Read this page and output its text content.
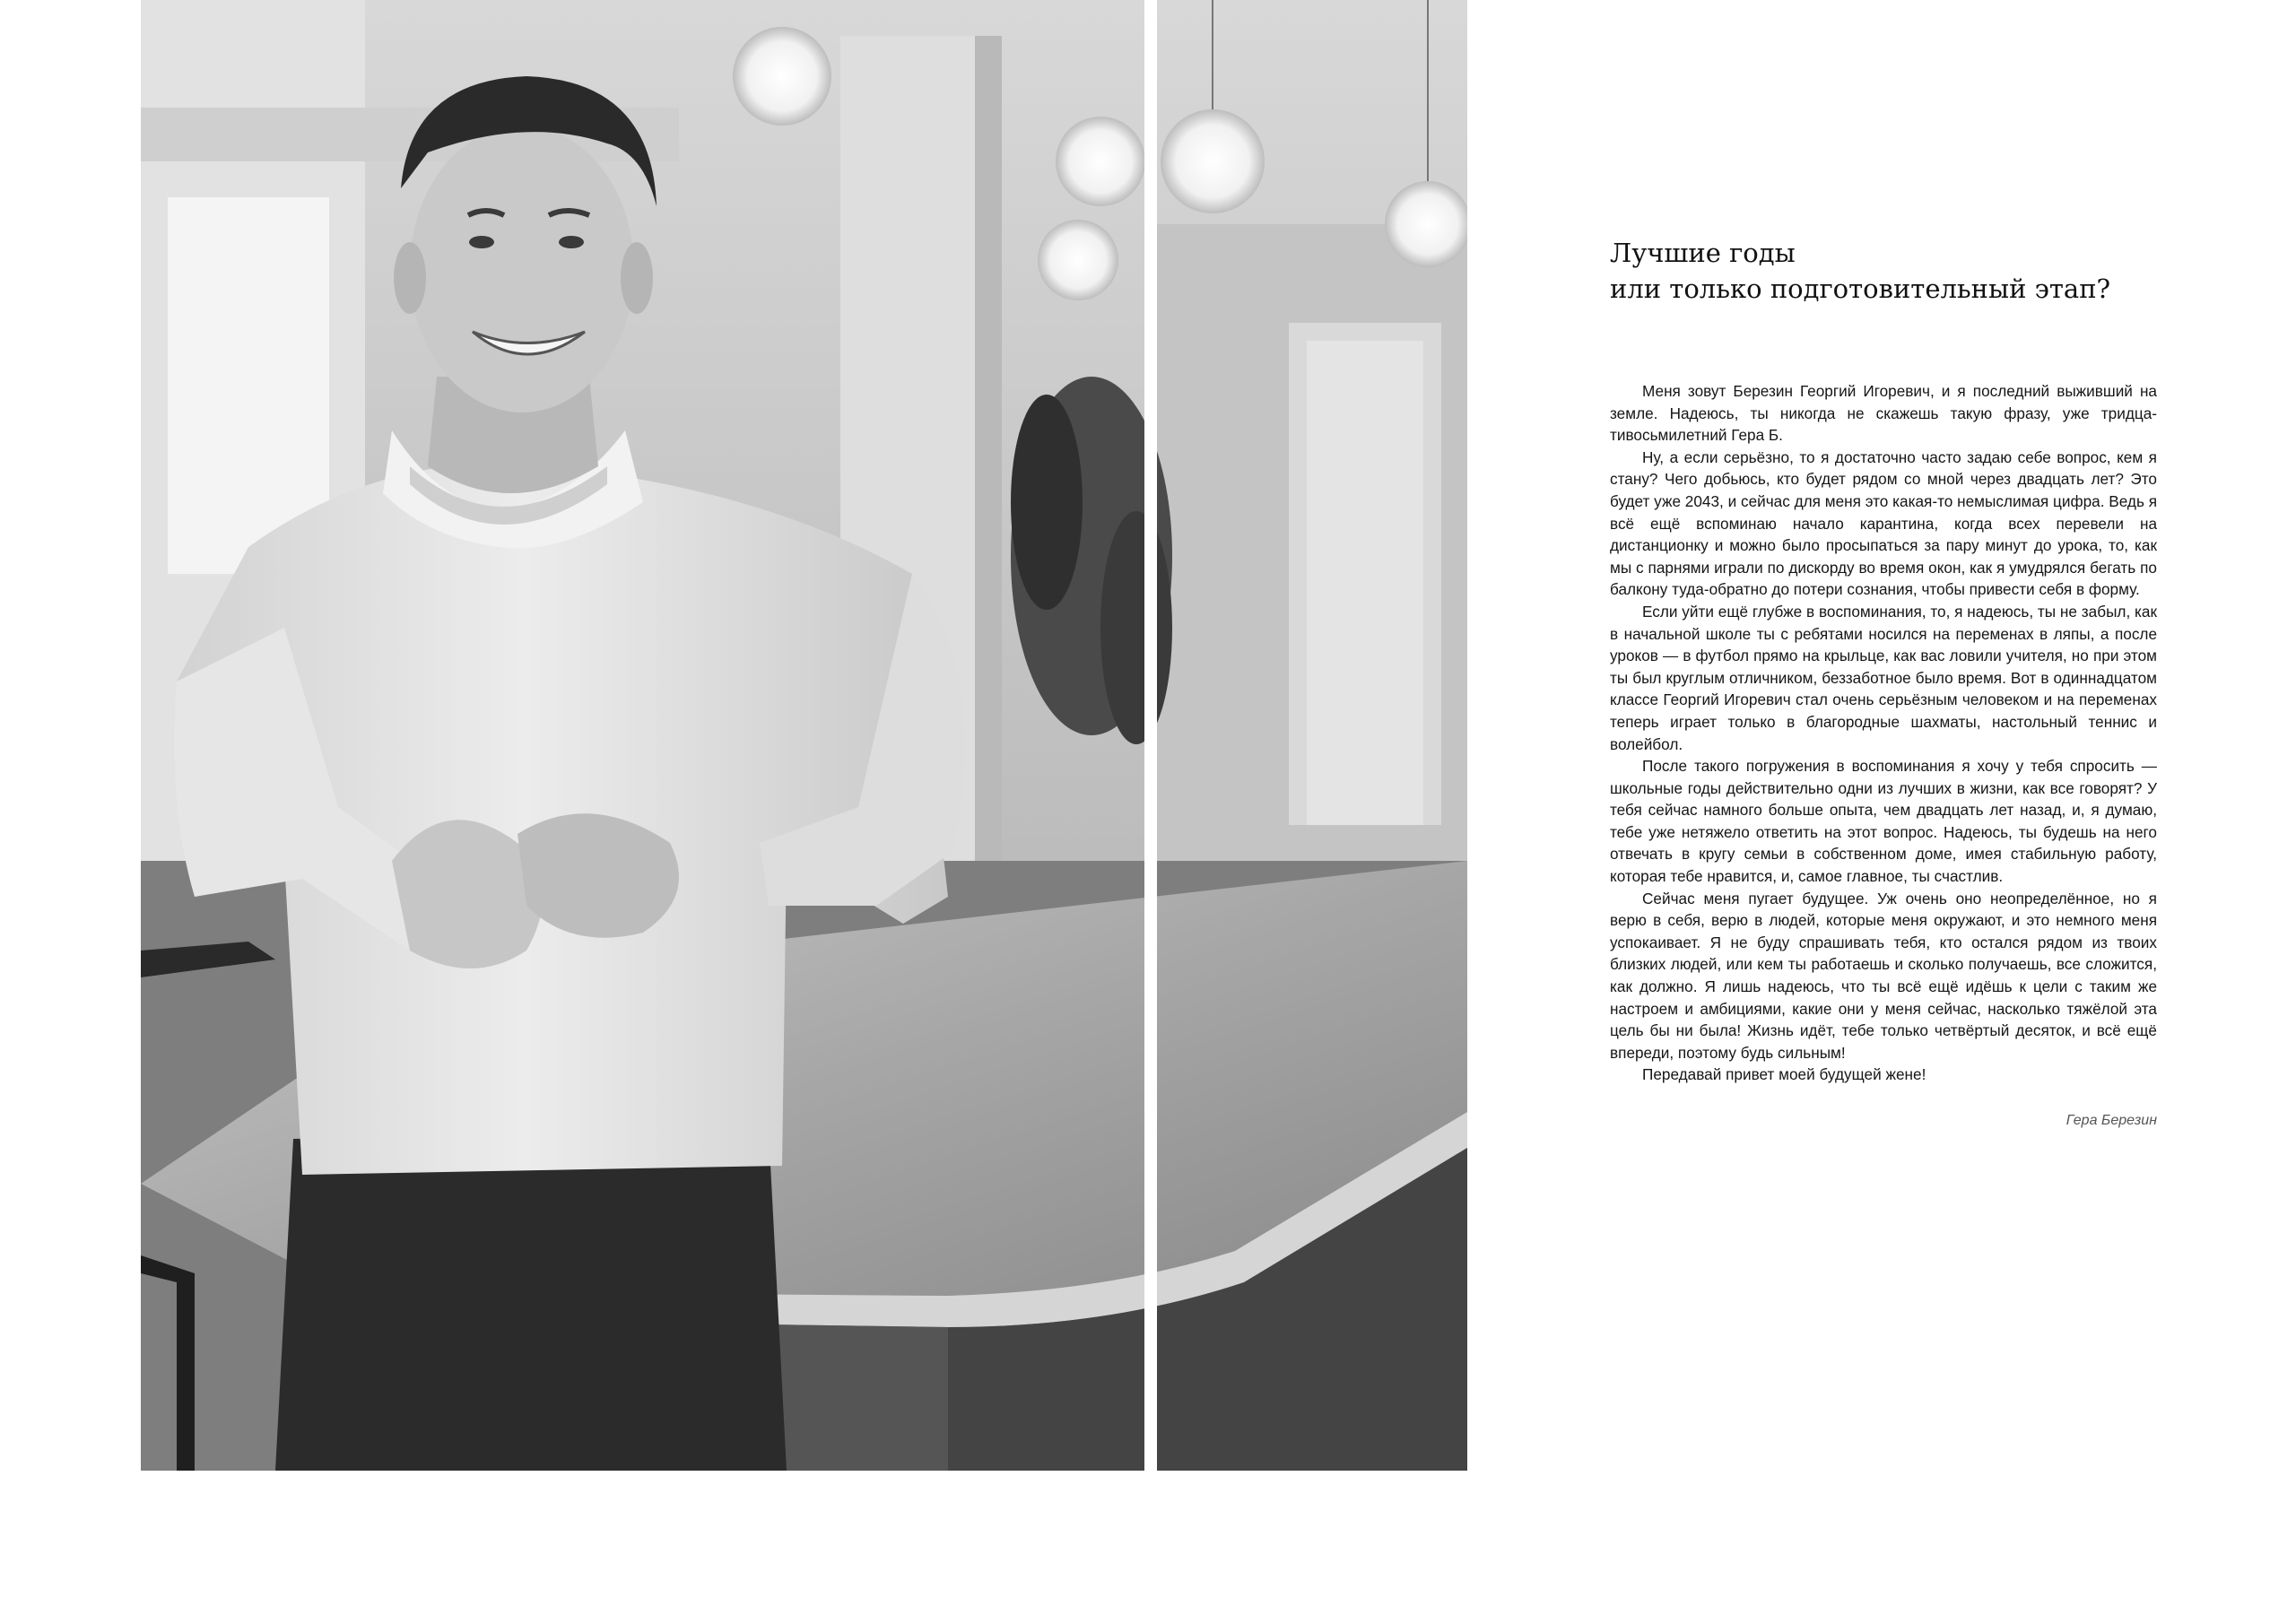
Лучшие годы
или только подготовительный этап?

Меня зовут Березин Георгий Игоревич, и я последний выживший на земле. Надеюсь, ты никогда не скажешь такую фразу, уже тридцативосьмилетний Гера Б.

Ну, а если серьёзно, то я достаточно часто задаю себе вопрос, кем я стану? Чего добьюсь, кто будет рядом со мной через двадцать лет? Это будет уже 2043, и сейчас для меня это какая-то немыслимая цифра. Ведь я всё ещё вспоминаю начало карантина, когда всех перевели на дистанционку и можно было просыпаться за пару минут до урока, то, как мы с парнями играли по дискорду во время окон, как я умудрялся бегать по балкону туда-обратно до потери сознания, чтобы привести себя в форму.

Если уйти ещё глубже в воспоминания, то, я надеюсь, ты не забыл, как в начальной школе ты с ребятами носился на переменах в ляпы, а после уроков — в футбол прямо на крыльце, как вас ловили учителя, но при этом ты был круглым отличником, беззаботное было время. Вот в одиннадцатом классе Георгий Игоревич стал очень серьёзным человеком и на переменах теперь играет только в благородные шахматы, настольный теннис и волейбол.

После такого погружения в воспоминания я хочу у тебя спросить — школьные годы действительно одни из лучших в жизни, как все говорят? У тебя сейчас намного больше опыта, чем двадцать лет назад, и, я думаю, тебе уже нетяжело ответить на этот вопрос. Надеюсь, ты будешь на него отвечать в кругу семьи в собственном доме, имея стабильную работу, которая тебе нравится, и, самое главное, ты счастлив.

Сейчас меня пугает будущее. Уж очень оно неопределённое, но я верю в себя, верю в людей, которые меня окружают, и это немного меня успокаивает. Я не буду спрашивать тебя, кто остался рядом из твоих близких людей, или кем ты работаешь и сколько получаешь, все сложится, как должно. Я лишь надеюсь, что ты всё ещё идёшь к цели с таким же настроем и амбициями, какие они у меня сейчас, насколько тяжёлой эта цель бы ни была! Жизнь идёт, тебе только четвёртый десяток, и всё ещё впереди, поэтому будь сильным!

Передавай привет моей будущей жене!

Гера Березин
